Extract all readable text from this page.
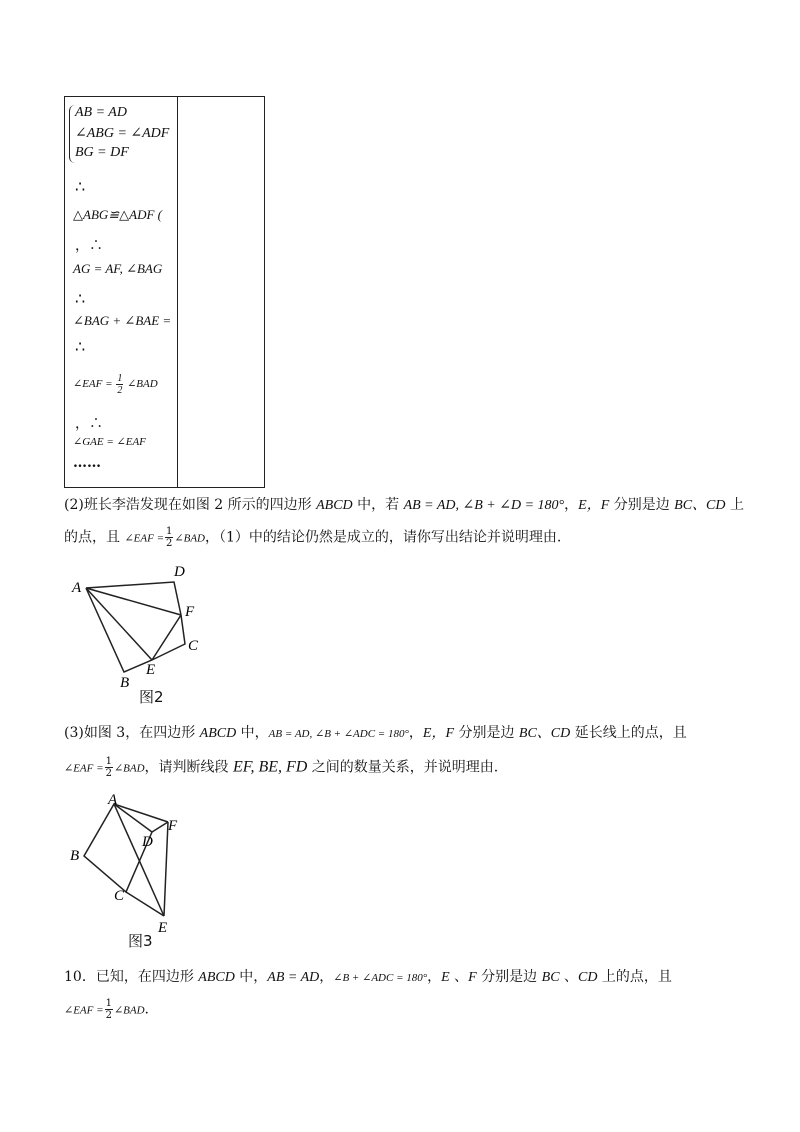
AB = AD
∠ABG = ∠ADF
BG = DF
∴
△ABG≌△ADF (
，∴
AG = AF, ∠BAG
∴
∠BAG + ∠BAE =
∴
∠EAF = $\frac{1}{2}$ ∠BAD
，∴
∠GAE = ∠EAF
……
(2)班长李浩发现在如图 2 所示的四边形 ABCD 中，若 AB = AD, ∠B + ∠D = 180°，E，F 分别是边 BC、CD 上
的点，且 ∠EAF = $\frac{1}{2}$ ∠BAD，（1）中的结论仍然是成立的，请你写出结论并说明理由.
A
D
F
C
E
B
图2
(3)如图 3，在四边形 ABCD 中，AB = AD, ∠B + ∠ADC = 180°，E，F 分别是边 BC、CD 延长线上的点，且
∠EAF = $\frac{1}{2}$ ∠BAD，请判断线段 EF, BE, FD 之间的数量关系，并说明理由.
A
F
D
B
C
E
图3
10．已知，在四边形 ABCD 中，AB = AD，∠B + ∠ADC = 180°，E 、F 分别是边 BC 、CD 上的点，且
∠EAF = $\frac{1}{2}$ ∠BAD.
